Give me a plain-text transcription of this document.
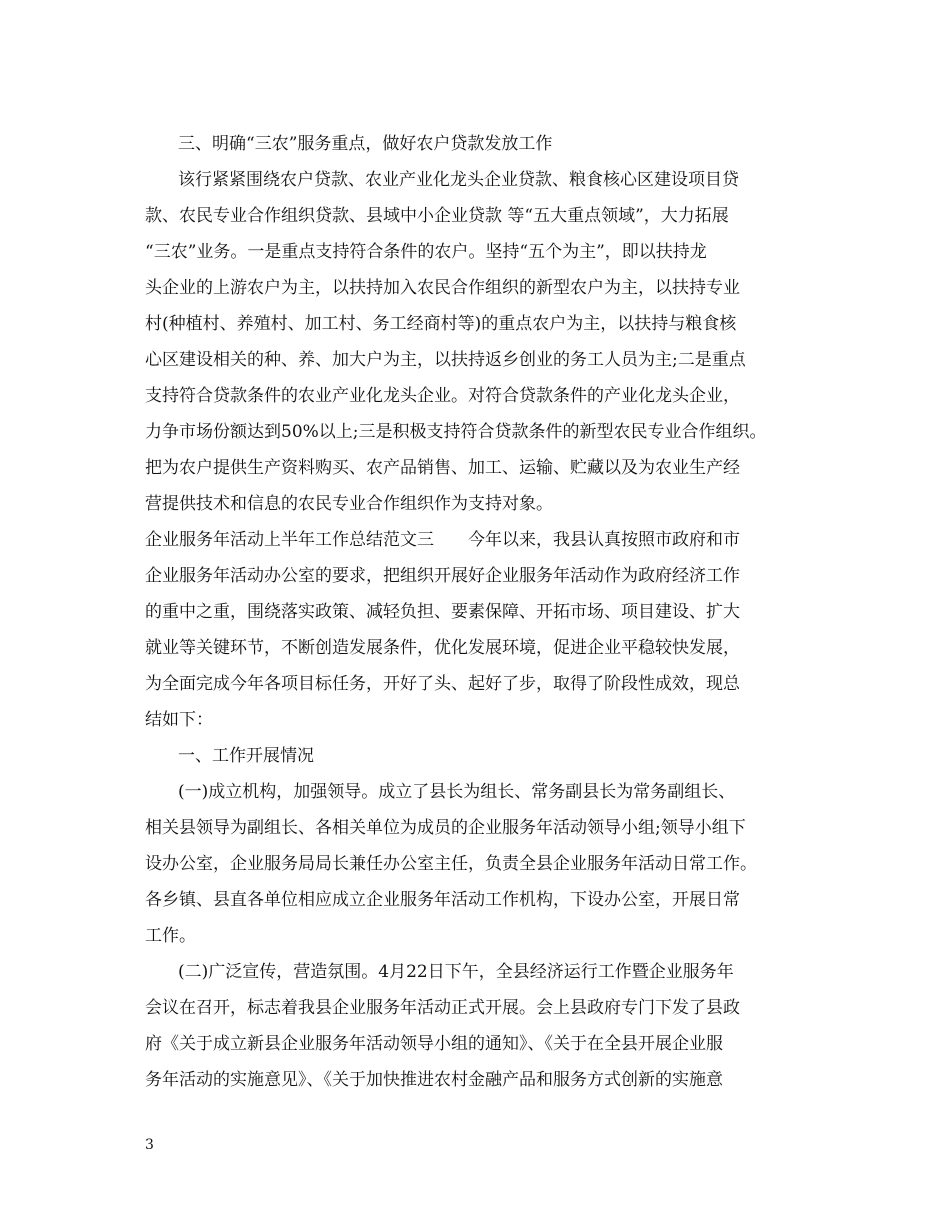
三、明确“三农”服务重点，做好农户贷款发放工作
该行紧紧围绕农户贷款、农业产业化龙头企业贷款、粮食核心区建设项目贷
款、农民专业合作组织贷款、县域中小企业贷款 等“五大重点领域”，大力拓展
“三农”业务。一是重点支持符合条件的农户。坚持“五个为主”，即以扶持龙
头企业的上游农户为主，以扶持加入农民合作组织的新型农户为主，以扶持专业
村(种植村、养殖村、加工村、务工经商村等)的重点农户为主，以扶持与粮食核
心区建设相关的种、养、加大户为主，以扶持返乡创业的务工人员为主;二是重点
支持符合贷款条件的农业产业化龙头企业。对符合贷款条件的产业化龙头企业，
力争市场份额达到50%以上;三是积极支持符合贷款条件的新型农民专业合作组织。
把为农户提供生产资料购买、农产品销售、加工、运输、贮藏以及为农业生产经
营提供技术和信息的农民专业合作组织作为支持对象。
企业服务年活动上半年工作总结范文三　　今年以来，我县认真按照市政府和市
企业服务年活动办公室的要求，把组织开展好企业服务年活动作为政府经济工作
的重中之重，围绕落实政策、减轻负担、要素保障、开拓市场、项目建设、扩大
就业等关键环节，不断创造发展条件，优化发展环境，促进企业平稳较快发展，
为全面完成今年各项目标任务，开好了头、起好了步，取得了阶段性成效，现总
结如下：
一、工作开展情况
(一)成立机构，加强领导。成立了县长为组长、常务副县长为常务副组长、
相关县领导为副组长、各相关单位为成员的企业服务年活动领导小组;领导小组下
设办公室，企业服务局局长兼任办公室主任，负责全县企业服务年活动日常工作。
各乡镇、县直各单位相应成立企业服务年活动工作机构，下设办公室，开展日常
工作。
(二)广泛宣传，营造氛围。4月22日下午，全县经济运行工作暨企业服务年
会议在召开，标志着我县企业服务年活动正式开展。会上县政府专门下发了县政
府《关于成立新县企业服务年活动领导小组的通知》、《关于在全县开展企业服
务年活动的实施意见》、《关于加快推进农村金融产品和服务方式创新的实施意
3
